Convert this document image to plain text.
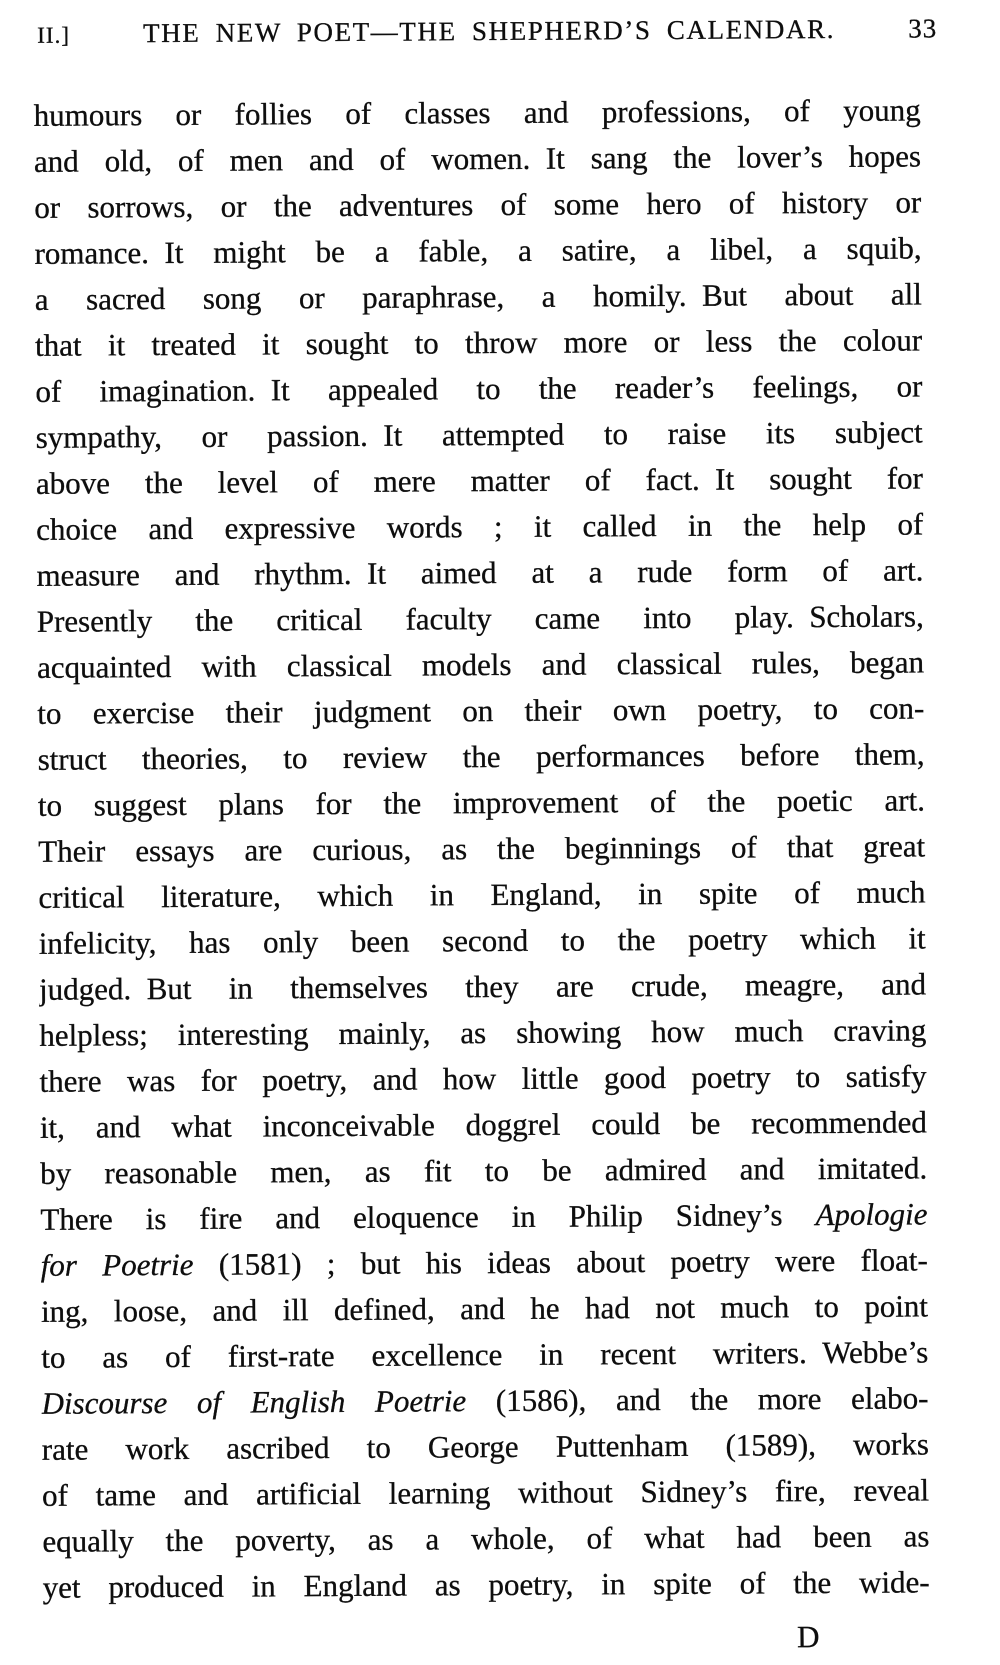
II.]	THE NEW POET—THE SHEPHERD’S CALENDAR.	33
humours or follies of classes and professions, of young
and old, of men and of women. It sang the lover’s hopes
or sorrows, or the adventures of some hero of history or
romance. It might be a fable, a satire, a libel, a squib,
a sacred song or paraphrase, a homily. But about all
that it treated it sought to throw more or less the colour
of imagination. It appealed to the reader’s feelings, or
sympathy, or passion. It attempted to raise its subject
above the level of mere matter of fact. It sought for
choice and expressive words ; it called in the help of
measure and rhythm. It aimed at a rude form of art.
Presently the critical faculty came into play. Scholars,
acquainted with classical models and classical rules, began
to exercise their judgment on their own poetry, to con-
struct theories, to review the performances before them,
to suggest plans for the improvement of the poetic art.
Their essays are curious, as the beginnings of that great
critical literature, which in England, in spite of much
infelicity, has only been second to the poetry which it
judged. But in themselves they are crude, meagre, and
helpless; interesting mainly, as showing how much craving
there was for poetry, and how little good poetry to satisfy
it, and what inconceivable doggrel could be recommended
by reasonable men, as fit to be admired and imitated.
There is fire and eloquence in Philip Sidney’s Apologie
for Poetrie (1581) ; but his ideas about poetry were float-
ing, loose, and ill defined, and he had not much to point
to as of first-rate excellence in recent writers. Webbe’s
Discourse of English Poetrie (1586), and the more elabo-
rate work ascribed to George Puttenham (1589), works
of tame and artificial learning without Sidney’s fire, reveal
equally the poverty, as a whole, of what had been as
yet produced in England as poetry, in spite of the wide-
D
